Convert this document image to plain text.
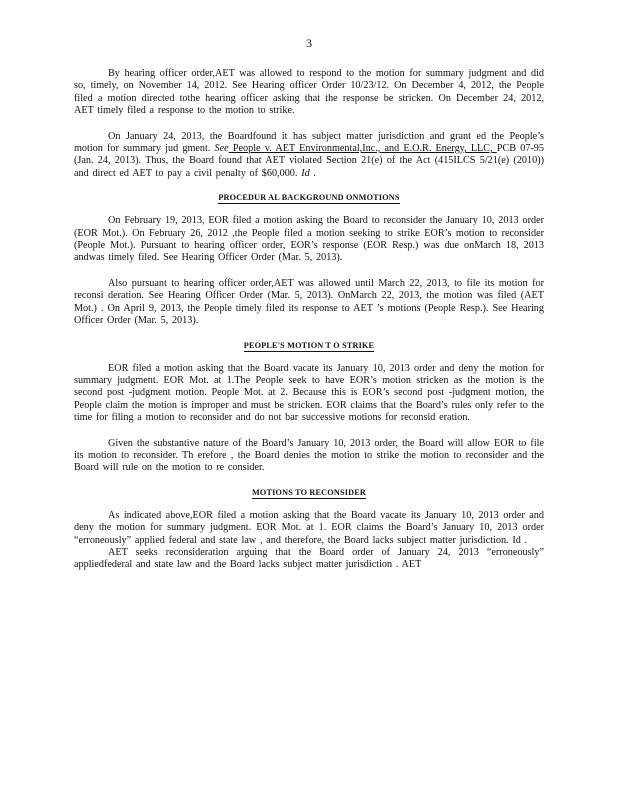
3

By hearing officer order,AET was allowed to respond to the motion for summary judgment and did so, timely, on November 14, 2012. See Hearing officer Order 10/23/12. On December 4, 2012, the People filed a motion directed tothe hearing officer asking that the response be stricken. On December 24, 2012, AET timely filed a response to the motion to strike.

On January 24, 2013, the Boardfound it has subject matter jurisdiction and grant ed the People’s motion for summary jud gment. See People v. AET Environmental,Inc., and E.O.R. Energy, LLC, PCB 07-95 (Jan. 24, 2013). Thus, the Board found that AET violated Section 21(e) of the Act (415ILCS 5/21(e) (2010)) and direct ed AET to pay a civil penalty of $60,000. Id .

PROCEDUR AL BACKGROUND ONMOTIONS

On February 19, 2013, EOR filed a motion asking the Board to reconsider the January 10, 2013 order (EOR Mot.). On February 26, 2012 ,the People filed a motion seeking to strike EOR’s motion to reconsider (People Mot.). Pursuant to hearing officer order, EOR’s response (EOR Resp.) was due onMarch 18, 2013 andwas timely filed. See Hearing Officer Order (Mar. 5, 2013).

Also pursuant to hearing officer order,AET was allowed until March 22, 2013, to file its motion for reconsi deration. See Hearing Officer Order (Mar. 5, 2013). OnMarch 22, 2013, the motion was filed (AET Mot.) . On April 9, 2013, the People timely filed its response to AET ’s motions (People Resp.). See Hearing Officer Order (Mar. 5, 2013).

PEOPLE'S MOTION T O STRIKE

EOR filed a motion asking that the Board vacate its January 10, 2013 order and deny the motion for summary judgment. EOR Mot. at 1.The People seek to have EOR’s motion stricken as the motion is the second post -judgment motion. People Mot. at 2. Because this is EOR’s second post -judgment motion, the People claim the motion is improper and must be stricken. EOR claims that the Board’s rules only refer to the time for filing a motion to reconsider and do not bar successive motions for reconsid eration.

Given the substantive nature of the Board’s January 10, 2013 order, the Board will allow EOR to file its motion to reconsider. Th erefore , the Board denies the motion to strike the motion to reconsider and the Board will rule on the motion to re consider.

MOTIONS TO RECONSIDER

As indicated above,EOR filed a motion asking that the Board vacate its January 10, 2013 order and deny the motion for summary judgment. EOR Mot. at 1. EOR claims the Board’s January 10, 2013 order “erroneously” applied federal and state law , and therefore, the Board lacks subject matter jurisdiction. Id .

AET seeks reconsideration arguing that the Board order of January 24, 2013 “erroneously” appliedfederal and state law and the Board lacks subject matter jurisdiction . AET
